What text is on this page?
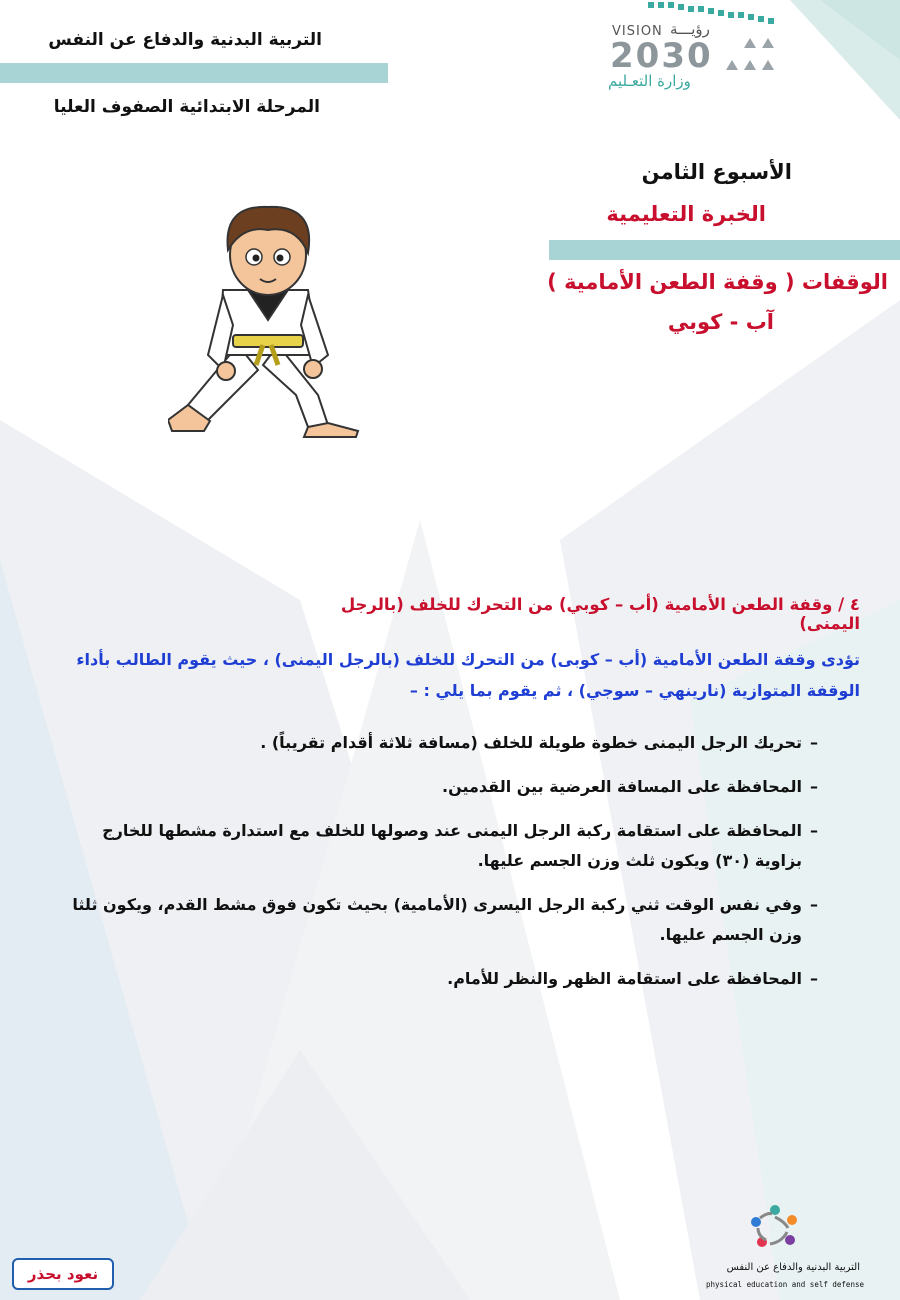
التربية البدنية والدفاع عن النفس
المرحلة الابتدائية الصفوف العليا
VISION رؤيـــة
2030
وزارة التعـليم
الأسبوع الثامن
الخبرة التعليمية
الوقفات ( وقفة الطعن الأمامية )
آب - كوبي
٤ / وقفة الطعن الأمامية (أب – كوبي) من التحرك للخلف (بالرجل اليمنى)
تؤدى وقفة الطعن الأمامية (أب – كوبى) من التحرك للخلف (بالرجل اليمنى) ، حيث يقوم الطالب بأداء الوقفة المتوازية (نارينهي – سوجي) ، ثم يقوم بما يلي : –
–
تحريك الرجل اليمنى خطوة طويلة للخلف (مسافة ثلاثة أقدام تقريباً) .
–
المحافظة على المسافة العرضية بين القدمين.
–
المحافظة على استقامة ركبة الرجل اليمنى عند وصولها للخلف مع استدارة مشطها للخارج بزاوية (٣٠) ويكون ثلث وزن الجسم عليها.
–
وفي نفس الوقت ثني ركبة الرجل اليسرى (الأمامية) بحيث تكون فوق مشط القدم، ويكون ثلثا وزن الجسم عليها.
–
المحافظة على استقامة الظهر والنظر للأمام.
نعود بحذر	التربية البدنية والدفاع عن النفس
physical education and self defense
